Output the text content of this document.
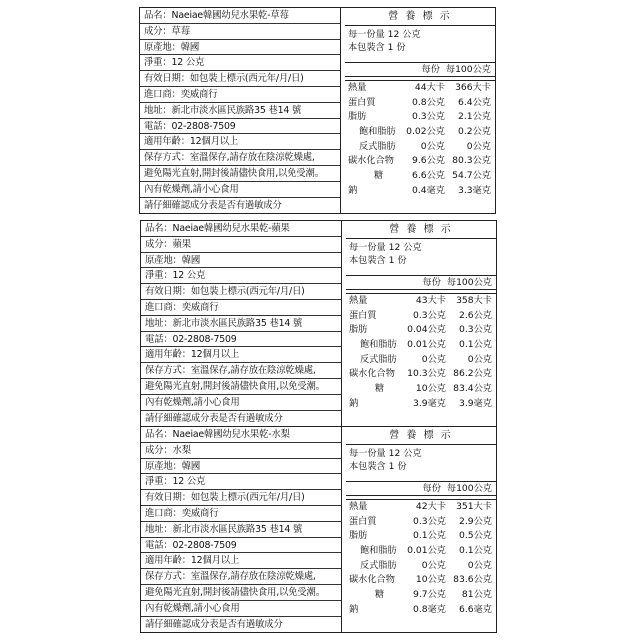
品名：Naeiae韓國幼兒水果乾-草莓
成分：草莓
原產地：韓國
淨重：12 公克
有效日期：如包裝上標示(西元年/月/日)
進口商：奕威商行
地址：新北市淡水區民族路35 巷14 號
電話：02-2808-7509
適用年齡：12個月以上
保存方式：室溫保存,請存放在陰涼乾燥處,
避免陽光直射,開封後請儘快食用,以免受潮。
內有乾燥劑,請小心食用
請仔細確認成分表是否有過敏成分
營 養 標 示
每一份量 12 公克
本包裝含 1 份
每份 每100公克
熱量	44大卡 366大卡
蛋白質	0.8公克 6.4公克
脂肪	0.3公克 2.1公克
飽和脂肪 0.02公克 0.2公克
反式脂肪	0公克 0公克
碳水化合物 9.6公克 80.3公克
糖	6.6公克 54.7公克
鈉	0.4毫克 3.3毫克
品名：Naeiae韓國幼兒水果乾-蘋果
成分：蘋果
原產地：韓國
淨重：12 公克
有效日期：如包裝上標示(西元年/月/日)
進口商：奕威商行
地址：新北市淡水區民族路35 巷14 號
電話：02-2808-7509
適用年齡：12個月以上
保存方式：室溫保存,請存放在陰涼乾燥處,
避免陽光直射,開封後請儘快食用,以免受潮。
內有乾燥劑,請小心食用
請仔細確認成分表是否有過敏成分
營 養 標 示
每一份量 12 公克
本包裝含 1 份
每份 每100公克
熱量	43大卡 358大卡
蛋白質	0.3公克 2.6公克
脂肪	0.04公克 0.3公克
飽和脂肪 0.01公克 0.1公克
反式脂肪	0公克 0公克
碳水化合物 10.3公克 86.2公克
糖	10公克 83.4公克
鈉	3.9毫克 3.9毫克
品名：Naeiae韓國幼兒水果乾-水梨
成分：水梨
原產地：韓國
淨重：12 公克
有效日期：如包裝上標示(西元年/月/日)
進口商：奕威商行
地址：新北市淡水區民族路35 巷14 號
電話：02-2808-7509
適用年齡：12個月以上
保存方式：室溫保存,請存放在陰涼乾燥處,
避免陽光直射,開封後請儘快食用,以免受潮。
內有乾燥劑,請小心食用
請仔細確認成分表是否有過敏成分
營 養 標 示
每一份量 12 公克
本包裝含 1 份
每份 每100公克
熱量	42大卡 351大卡
蛋白質	0.3公克 2.9公克
脂肪	0.1公克 0.5公克
飽和脂肪 0.01公克 0.1公克
反式脂肪	0公克 0公克
碳水化合物 10公克 83.6公克
糖	9.7公克 81公克
鈉	0.8毫克 6.6毫克
